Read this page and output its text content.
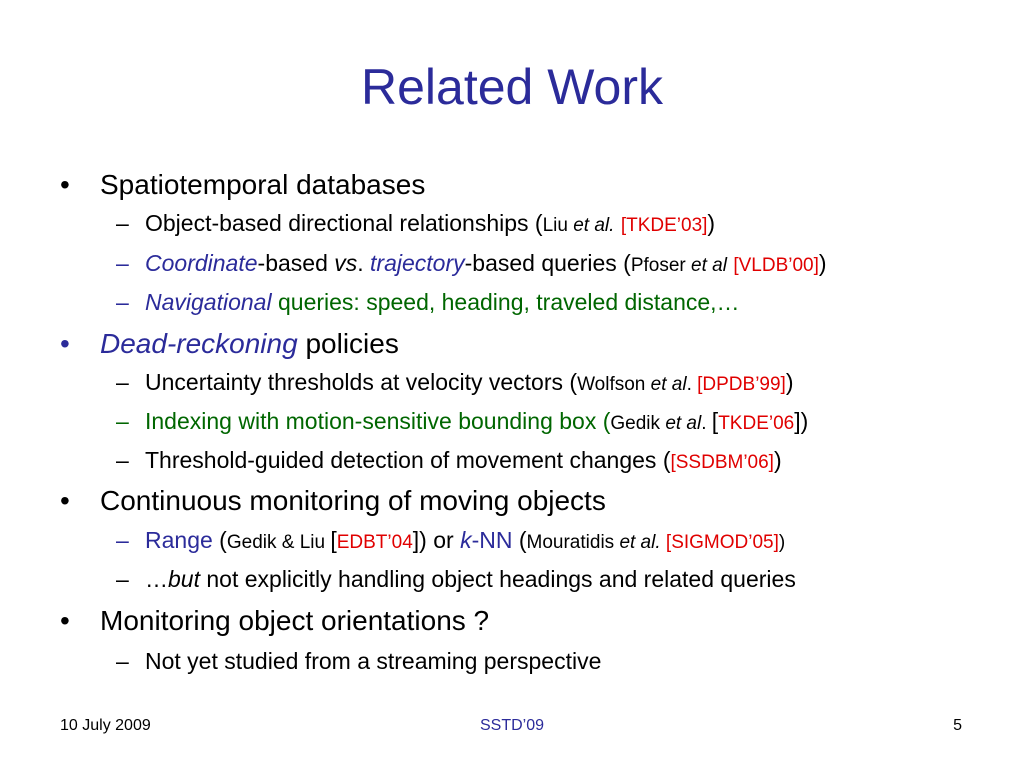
Related Work
• Spatiotemporal databases
– Object-based directional relationships (Liu et al. [TKDE’03])
– Coordinate-based vs. trajectory-based queries (Pfoser et al [VLDB’00])
– Navigational queries: speed, heading, traveled distance,…
• Dead-reckoning policies
– Uncertainty thresholds at velocity vectors (Wolfson et al. [DPDB’99])
– Indexing with motion-sensitive bounding box (Gedik et al. [TKDE’06])
– Threshold-guided detection of movement changes ([SSDBM’06])
• Continuous monitoring of moving objects
– Range (Gedik & Liu [EDBT’04]) or k-NN (Mouratidis et al. [SIGMOD’05])
– …but not explicitly handling object headings and related queries
• Monitoring object orientations ?
– Not yet studied from a streaming perspective
10 July 2009	SSTD’09	5
